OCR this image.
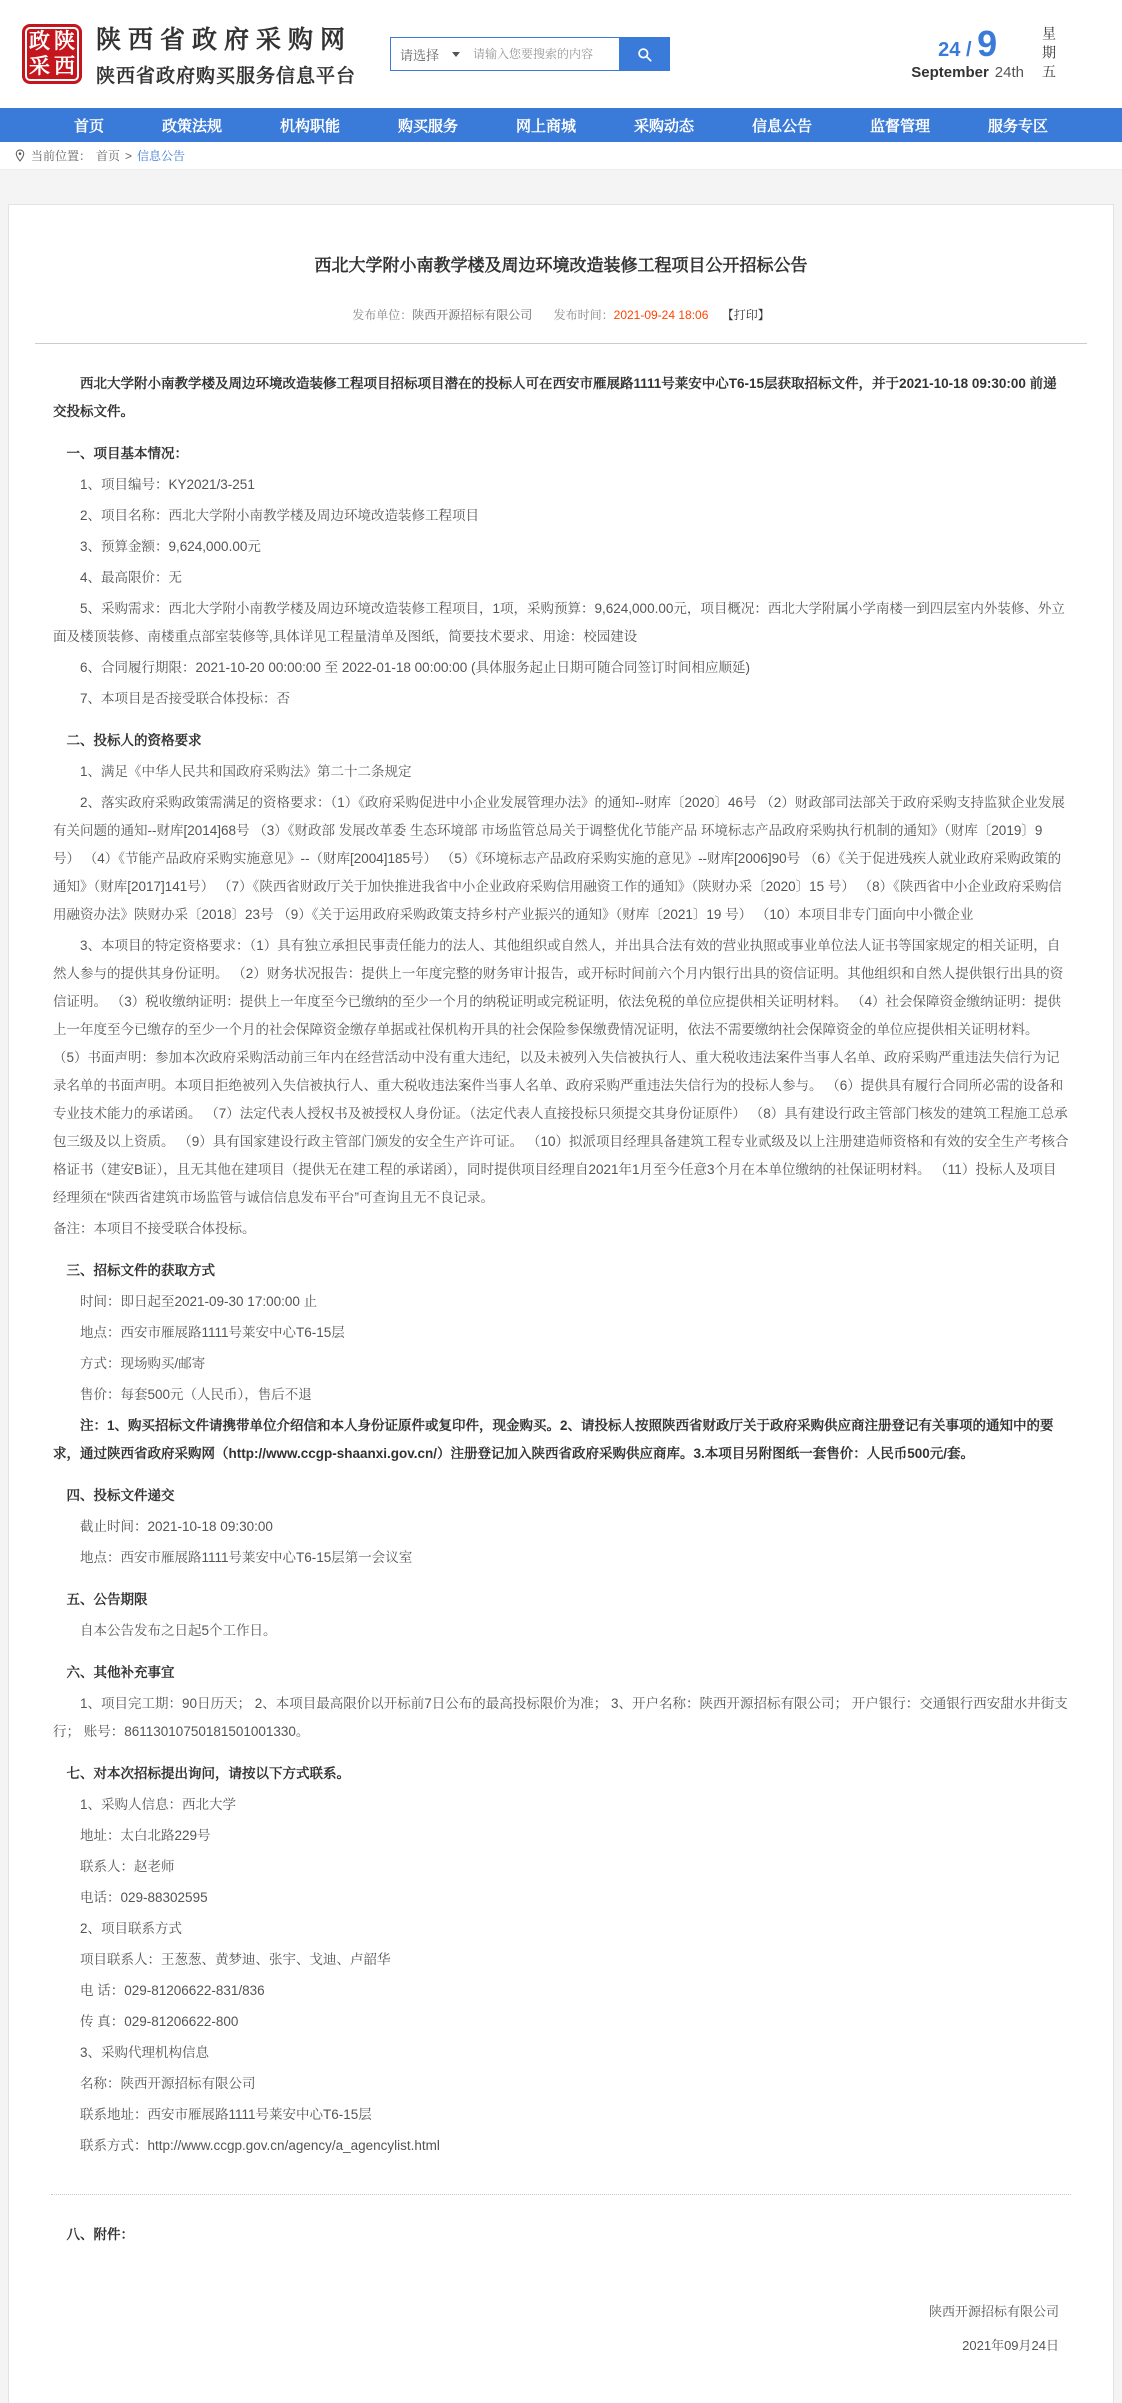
政 陕
采 西
陕西省政府采购网
陕西省政府购买服务信息平台
请选择
请输入您要搜索的内容	24 / 9
September 24th 星期五
首页	政策法规	机构职能	购买服务	网上商城	采购动态	信息公告	监督管理	服务专区
当前位置： 首页 > 信息公告
西北大学附小南教学楼及周边环境改造装修工程项目公开招标公告
发布单位：陕西开源招标有限公司 发布时间：2021-09-24 18:06 【打印】

西北大学附小南教学楼及周边环境改造装修工程项目招标项目潜在的投标人可在西安市雁展路1111号莱安中心T6-15层获取招标文件，并于2021-10-18 09:30:00 前递交投标文件。

一、项目基本情况：

1、项目编号：KY2021/3-251

2、项目名称：西北大学附小南教学楼及周边环境改造装修工程项目

3、预算金额：9,624,000.00元

4、最高限价：无

5、采购需求：西北大学附小南教学楼及周边环境改造装修工程项目，1项，采购预算：9,624,000.00元，项目概况：西北大学附属小学南楼一到四层室内外装修、外立面及楼顶装修、南楼重点部室装修等,具体详见工程量清单及图纸，简要技术要求、用途：校园建设

6、合同履行期限：2021-10-20 00:00:00 至 2022-01-18 00:00:00 (具体服务起止日期可随合同签订时间相应顺延)

7、本项目是否接受联合体投标：否

二、投标人的资格要求

1、满足《中华人民共和国政府采购法》第二十二条规定

2、落实政府采购政策需满足的资格要求：（1）《政府采购促进中小企业发展管理办法》的通知--财库〔2020〕46号 （2）财政部司法部关于政府采购支持监狱企业发展有关问题的通知--财库[2014]68号 （3）《财政部 发展改革委 生态环境部 市场监管总局关于调整优化节能产品 环境标志产品政府采购执行机制的通知》（财库〔2019〕9号） （4）《节能产品政府采购实施意见》--（财库[2004]185号） （5）《环境标志产品政府采购实施的意见》--财库[2006]90号 （6）《关于促进残疾人就业政府采购政策的通知》（财库[2017]141号） （7）《陕西省财政厅关于加快推进我省中小企业政府采购信用融资工作的通知》（陕财办采〔2020〕15 号） （8）《陕西省中小企业政府采购信用融资办法》陕财办采〔2018〕23号 （9）《关于运用政府采购政策支持乡村产业振兴的通知》（财库〔2021〕19 号） （10）本项目非专门面向中小微企业

3、本项目的特定资格要求：（1）具有独立承担民事责任能力的法人、其他组织或自然人，并出具合法有效的营业执照或事业单位法人证书等国家规定的相关证明，自然人参与的提供其身份证明。 （2）财务状况报告：提供上一年度完整的财务审计报告，或开标时间前六个月内银行出具的资信证明。其他组织和自然人提供银行出具的资信证明。 （3）税收缴纳证明：提供上一年度至今已缴纳的至少一个月的纳税证明或完税证明，依法免税的单位应提供相关证明材料。 （4）社会保障资金缴纳证明：提供上一年度至今已缴存的至少一个月的社会保障资金缴存单据或社保机构开具的社会保险参保缴费情况证明，依法不需要缴纳社会保障资金的单位应提供相关证明材料。 （5）书面声明：参加本次政府采购活动前三年内在经营活动中没有重大违纪，以及未被列入失信被执行人、重大税收违法案件当事人名单、政府采购严重违法失信行为记录名单的书面声明。本项目拒绝被列入失信被执行人、重大税收违法案件当事人名单、政府采购严重违法失信行为的投标人参与。 （6）提供具有履行合同所必需的设备和专业技术能力的承诺函。 （7）法定代表人授权书及被授权人身份证。（法定代表人直接投标只须提交其身份证原件） （8）具有建设行政主管部门核发的建筑工程施工总承包三级及以上资质。 （9）具有国家建设行政主管部门颁发的安全生产许可证。 （10）拟派项目经理具备建筑工程专业贰级及以上注册建造师资格和有效的安全生产考核合格证书（建安B证），且无其他在建项目（提供无在建工程的承诺函），同时提供项目经理自2021年1月至今任意3个月在本单位缴纳的社保证明材料。 （11）投标人及项目经理须在“陕西省建筑市场监管与诚信信息发布平台”可查询且无不良记录。

备注：本项目不接受联合体投标。

三、招标文件的获取方式

时间：即日起至2021-09-30 17:00:00 止

地点：西安市雁展路1111号莱安中心T6-15层

方式：现场购买/邮寄

售价：每套500元（人民币），售后不退

注：1、购买招标文件请携带单位介绍信和本人身份证原件或复印件，现金购买。2、请投标人按照陕西省财政厅关于政府采购供应商注册登记有关事项的通知中的要求，通过陕西省政府采购网（http://www.ccgp-shaanxi.gov.cn/）注册登记加入陕西省政府采购供应商库。3.本项目另附图纸一套售价：人民币500元/套。

四、投标文件递交

截止时间：2021-10-18 09:30:00

地点：西安市雁展路1111号莱安中心T6-15层第一会议室

五、公告期限

自本公告发布之日起5个工作日。

六、其他补充事宜

1、项目完工期：90日历天； 2、本项目最高限价以开标前7日公布的最高投标限价为准； 3、开户名称：陕西开源招标有限公司； 开户银行：交通银行西安甜水井街支行； 账号：86113010750181501001330。

七、对本次招标提出询问，请按以下方式联系。

1、采购人信息：西北大学

地址：太白北路229号

联系人：赵老师

电话：029-88302595

2、项目联系方式

项目联系人：王葱葱、黄梦迪、张宇、戈迪、卢韶华

电 话：029-81206622-831/836

传 真：029-81206622-800

3、采购代理机构信息

名称：陕西开源招标有限公司

联系地址：西安市雁展路1111号莱安中心T6-15层

联系方式：http://www.ccgp.gov.cn/agency/a_agencylist.html

八、附件：
陕西开源招标有限公司
2021年09月24日
